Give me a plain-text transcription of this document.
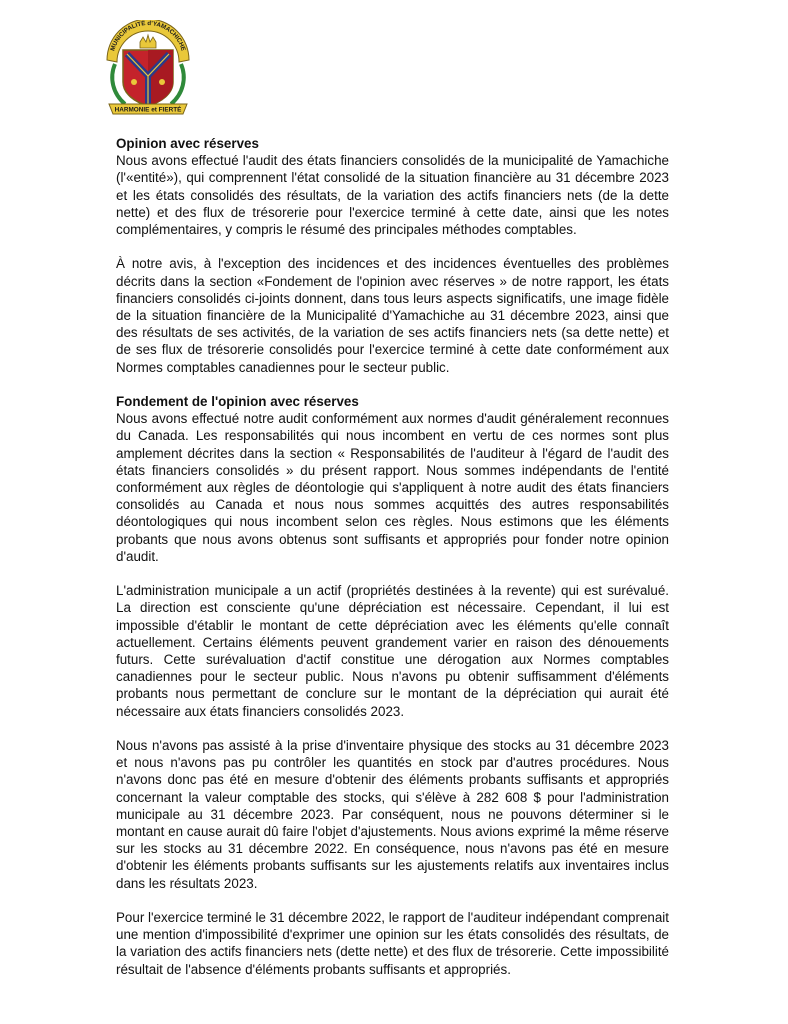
MUNICIPALITÉ d'YAMACHICHE
HARMONIE et FIERTÉ
Opinion avec réserves

Nous avons effectué l'audit des états financiers consolidés de la municipalité de Yamachiche (l'«entité»), qui comprennent l'état consolidé de la situation financière au 31 décembre 2023 et les états consolidés des résultats, de la variation des actifs financiers nets (de la dette nette) et des flux de trésorerie pour l'exercice terminé à cette date, ainsi que les notes complémentaires, y compris le résumé des principales méthodes comptables.

À notre avis, à l'exception des incidences et des incidences éventuelles des problèmes décrits dans la section «Fondement de l'opinion avec réserves » de notre rapport, les états financiers consolidés ci-joints donnent, dans tous leurs aspects significatifs, une image fidèle de la situation financière de la Municipalité d'Yamachiche au 31 décembre 2023, ainsi que des résultats de ses activités, de la variation de ses actifs financiers nets (sa dette nette) et de ses flux de trésorerie consolidés pour l'exercice terminé à cette date conformément aux Normes comptables canadiennes pour le secteur public.

Fondement de l'opinion avec réserves

Nous avons effectué notre audit conformément aux normes d'audit généralement reconnues du Canada. Les responsabilités qui nous incombent en vertu de ces normes sont plus amplement décrites dans la section « Responsabilités de l'auditeur à l'égard de l'audit des états financiers consolidés » du présent rapport. Nous sommes indépendants de l'entité conformément aux règles de déontologie qui s'appliquent à notre audit des états financiers consolidés au Canada et nous nous sommes acquittés des autres responsabilités déontologiques qui nous incombent selon ces règles. Nous estimons que les éléments probants que nous avons obtenus sont suffisants et appropriés pour fonder notre opinion d'audit.

L'administration municipale a un actif (propriétés destinées à la revente) qui est surévalué. La direction est consciente qu'une dépréciation est nécessaire. Cependant, il lui est impossible d'établir le montant de cette dépréciation avec les éléments qu'elle connaît actuellement. Certains éléments peuvent grandement varier en raison des dénouements futurs. Cette surévaluation d'actif constitue une dérogation aux Normes comptables canadiennes pour le secteur public. Nous n'avons pu obtenir suffisamment d'éléments probants nous permettant de conclure sur le montant de la dépréciation qui aurait été nécessaire aux états financiers consolidés 2023.

Nous n'avons pas assisté à la prise d'inventaire physique des stocks au 31 décembre 2023 et nous n'avons pas pu contrôler les quantités en stock par d'autres procédures. Nous n'avons donc pas été en mesure d'obtenir des éléments probants suffisants et appropriés concernant la valeur comptable des stocks, qui s'élève à 282 608 $ pour l'administration municipale au 31 décembre 2023. Par conséquent, nous ne pouvons déterminer si le montant en cause aurait dû faire l'objet d'ajustements. Nous avions exprimé la même réserve sur les stocks au 31 décembre 2022. En conséquence, nous n'avons pas été en mesure d'obtenir les éléments probants suffisants sur les ajustements relatifs aux inventaires inclus dans les résultats 2023.

Pour l'exercice terminé le 31 décembre 2022, le rapport de l'auditeur indépendant comprenait une mention d'impossibilité d'exprimer une opinion sur les états consolidés des résultats, de la variation des actifs financiers nets (dette nette) et des flux de trésorerie. Cette impossibilité résultait de l'absence d'éléments probants suffisants et appropriés.
